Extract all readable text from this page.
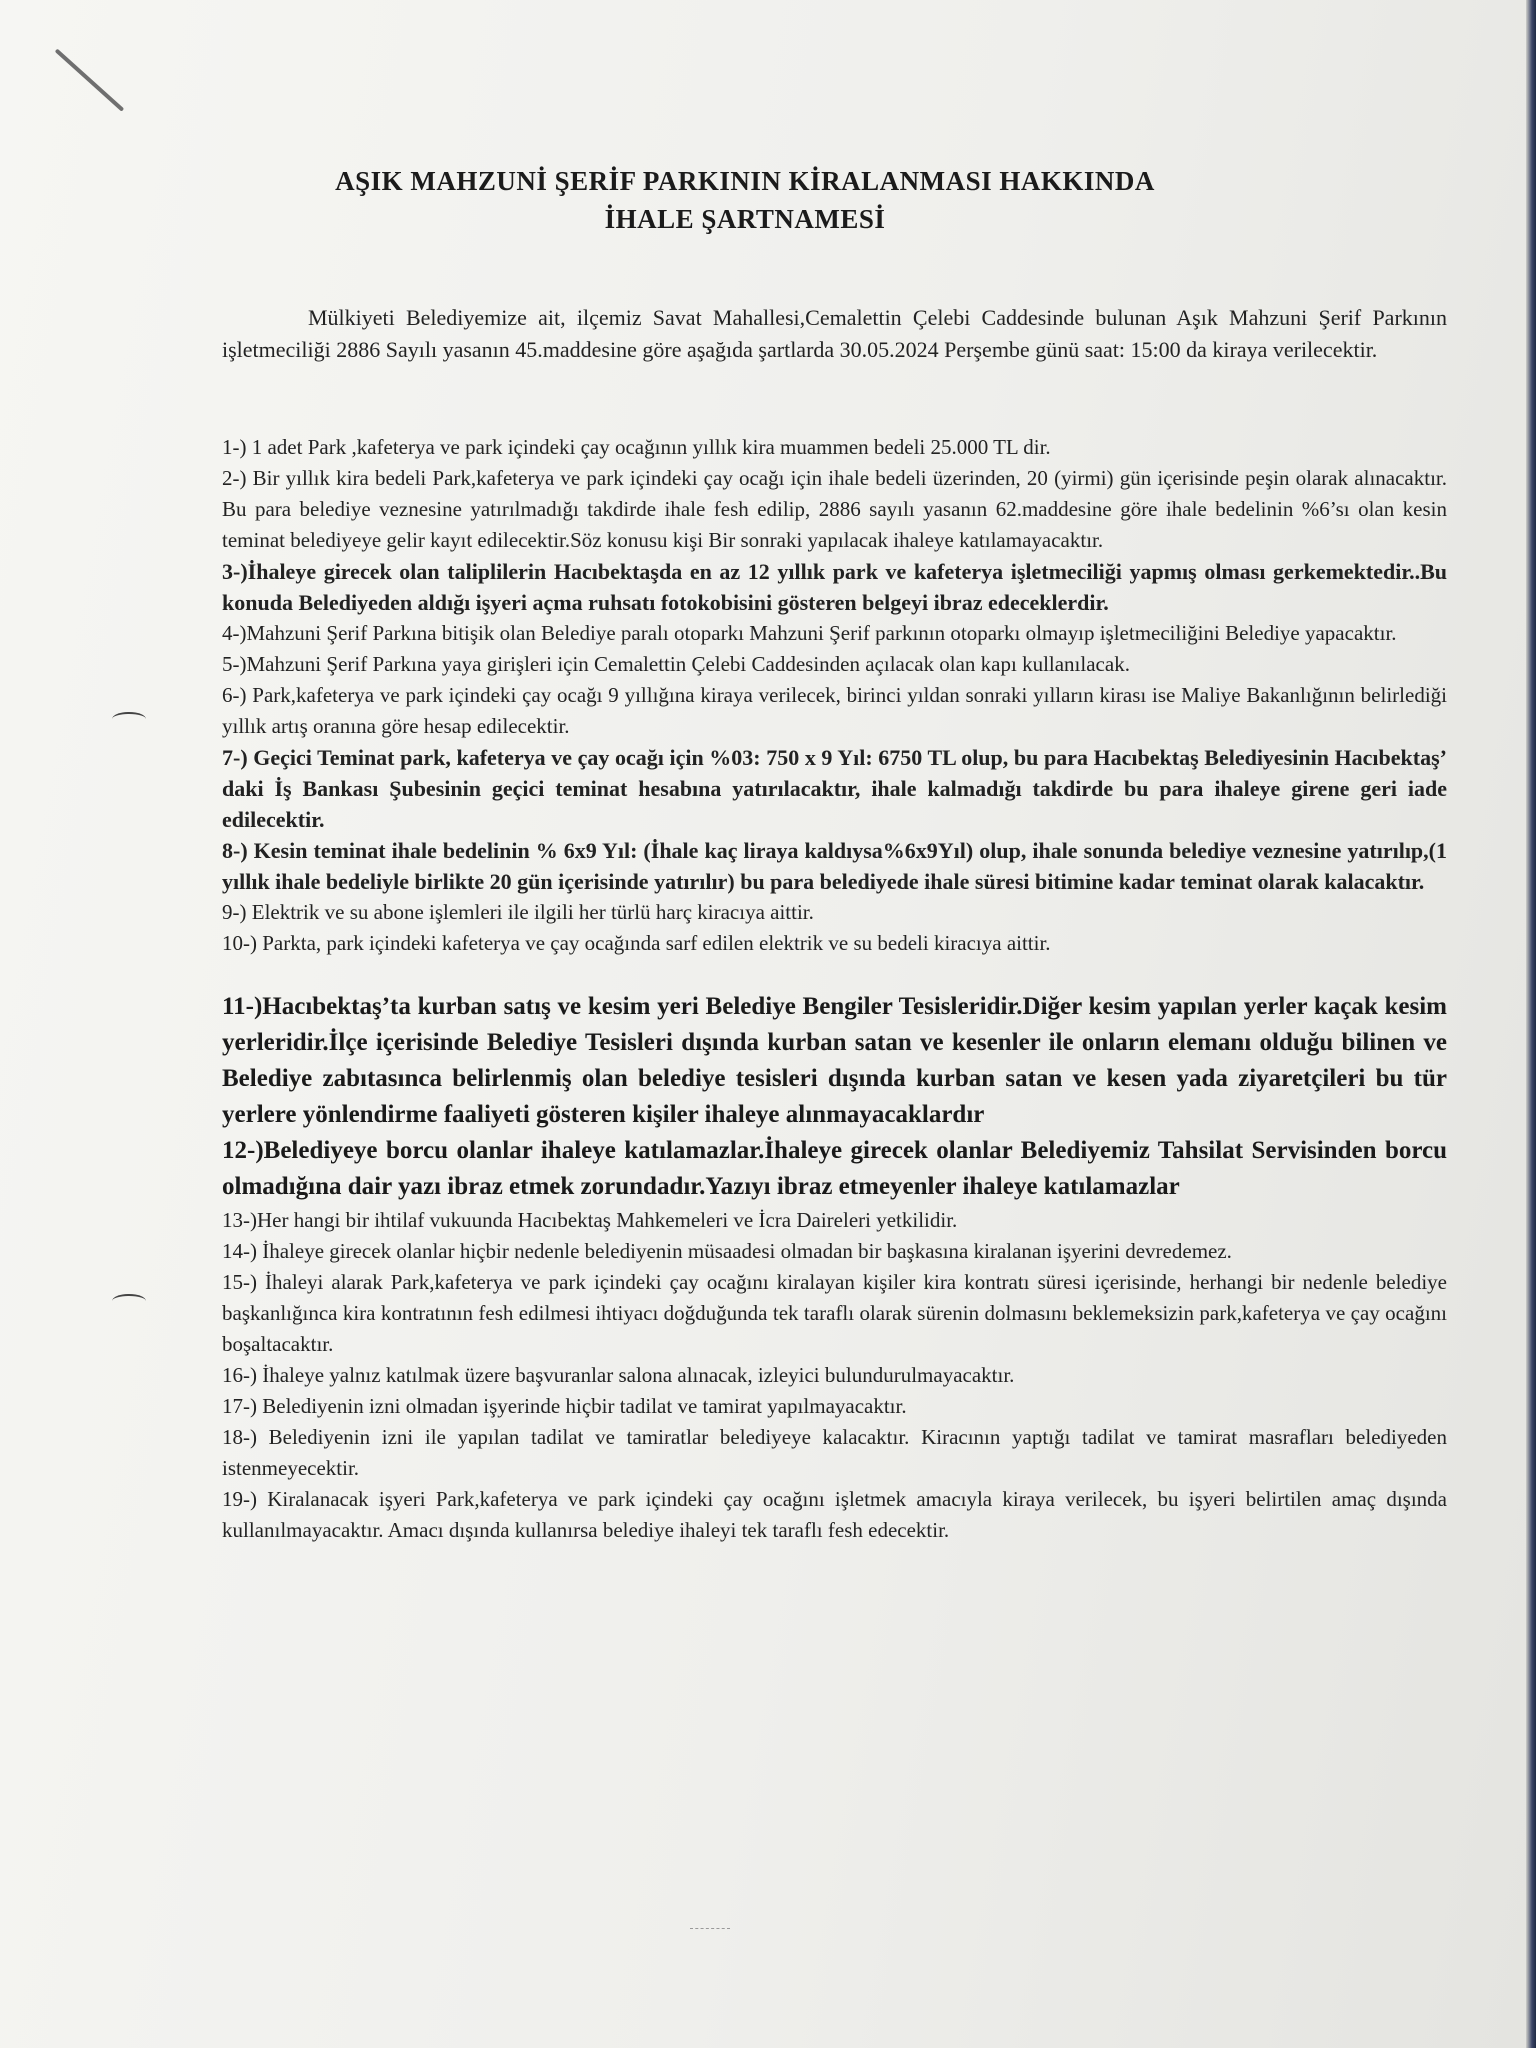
AŞIK MAHZUNİ ŞERİF PARKININ KİRALANMASI HAKKINDA
İHALE ŞARTNAMESİ

Mülkiyeti Belediyemize ait, ilçemiz Savat Mahallesi,Cemalettin Çelebi Caddesinde bulunan Aşık Mahzuni Şerif Parkının işletmeciliği 2886 Sayılı yasanın 45.maddesine göre aşağıda şartlarda 30.05.2024 Perşembe günü saat: 15:00 da kiraya verilecektir.

1-) 1 adet Park ,kafeterya ve park içindeki çay ocağının yıllık kira muammen bedeli 25.000 TL dir.

2-) Bir yıllık kira bedeli Park,kafeterya ve park içindeki çay ocağı için ihale bedeli üzerinden, 20 (yirmi) gün içerisinde peşin olarak alınacaktır. Bu para belediye veznesine yatırılmadığı takdirde ihale fesh edilip, 2886 sayılı yasanın 62.maddesine göre ihale bedelinin %6’sı olan kesin teminat belediyeye gelir kayıt edilecektir.Söz konusu kişi Bir sonraki yapılacak ihaleye katılamayacaktır.

3-)İhaleye girecek olan taliplilerin Hacıbektaşda en az 12 yıllık park ve kafeterya işletmeciliği yapmış olması gerkemektedir..Bu konuda Belediyeden aldığı işyeri açma ruhsatı fotokobisini gösteren belgeyi ibraz edeceklerdir.

4-)Mahzuni Şerif Parkına bitişik olan Belediye paralı otoparkı Mahzuni Şerif parkının otoparkı olmayıp işletmeciliğini Belediye yapacaktır.

5-)Mahzuni Şerif Parkına yaya girişleri için Cemalettin Çelebi Caddesinden açılacak olan kapı kullanılacak.

6-) Park,kafeterya ve park içindeki çay ocağı 9 yıllığına kiraya verilecek, birinci yıldan sonraki yılların kirası ise Maliye Bakanlığının belirlediği yıllık artış oranına göre hesap edilecektir.

7-) Geçici Teminat park, kafeterya ve çay ocağı için %03: 750 x 9 Yıl: 6750 TL olup, bu para Hacıbektaş Belediyesinin Hacıbektaş’ daki İş Bankası Şubesinin geçici teminat hesabına yatırılacaktır, ihale kalmadığı takdirde bu para ihaleye girene geri iade edilecektir.

8-) Kesin teminat ihale bedelinin % 6x9 Yıl: (İhale kaç liraya kaldıysa%6x9Yıl) olup, ihale sonunda belediye veznesine yatırılıp,(1 yıllık ihale bedeliyle birlikte 20 gün içerisinde yatırılır) bu para belediyede ihale süresi bitimine kadar teminat olarak kalacaktır.

9-) Elektrik ve su abone işlemleri ile ilgili her türlü harç kiracıya aittir.

10-) Parkta, park içindeki kafeterya ve çay ocağında sarf edilen elektrik ve su bedeli kiracıya aittir.

11-)Hacıbektaş’ta kurban satış ve kesim yeri Belediye Bengiler Tesisleridir.Diğer kesim yapılan yerler kaçak kesim yerleridir.İlçe içerisinde Belediye Tesisleri dışında kurban satan ve kesenler ile onların elemanı olduğu bilinen ve Belediye zabıtasınca belirlenmiş olan belediye tesisleri dışında kurban satan ve kesen yada ziyaretçileri bu tür yerlere yönlendirme faaliyeti gösteren kişiler ihaleye alınmayacaklardır

12-)Belediyeye borcu olanlar ihaleye katılamazlar.İhaleye girecek olanlar Belediyemiz Tahsilat Servisinden borcu olmadığına dair yazı ibraz etmek zorundadır.Yazıyı ibraz etmeyenler ihaleye katılamazlar

13-)Her hangi bir ihtilaf vukuunda Hacıbektaş Mahkemeleri ve İcra Daireleri yetkilidir.

14-) İhaleye girecek olanlar hiçbir nedenle belediyenin müsaadesi olmadan bir başkasına kiralanan işyerini devredemez.

15-) İhaleyi alarak Park,kafeterya ve park içindeki çay ocağını kiralayan kişiler kira kontratı süresi içerisinde, herhangi bir nedenle belediye başkanlığınca kira kontratının fesh edilmesi ihtiyacı doğduğunda tek taraflı olarak sürenin dolmasını beklemeksizin park,kafeterya ve çay ocağını boşaltacaktır.

16-) İhaleye yalnız katılmak üzere başvuranlar salona alınacak, izleyici bulundurulmayacaktır.

17-) Belediyenin izni olmadan işyerinde hiçbir tadilat ve tamirat yapılmayacaktır.

18-) Belediyenin izni ile yapılan tadilat ve tamiratlar belediyeye kalacaktır. Kiracının yaptığı tadilat ve tamirat masrafları belediyeden istenmeyecektir.

19-) Kiralanacak işyeri Park,kafeterya ve park içindeki çay ocağını işletmek amacıyla kiraya verilecek, bu işyeri belirtilen amaç dışında kullanılmayacaktır. Amacı dışında kullanırsa belediye ihaleyi tek taraflı fesh edecektir.
